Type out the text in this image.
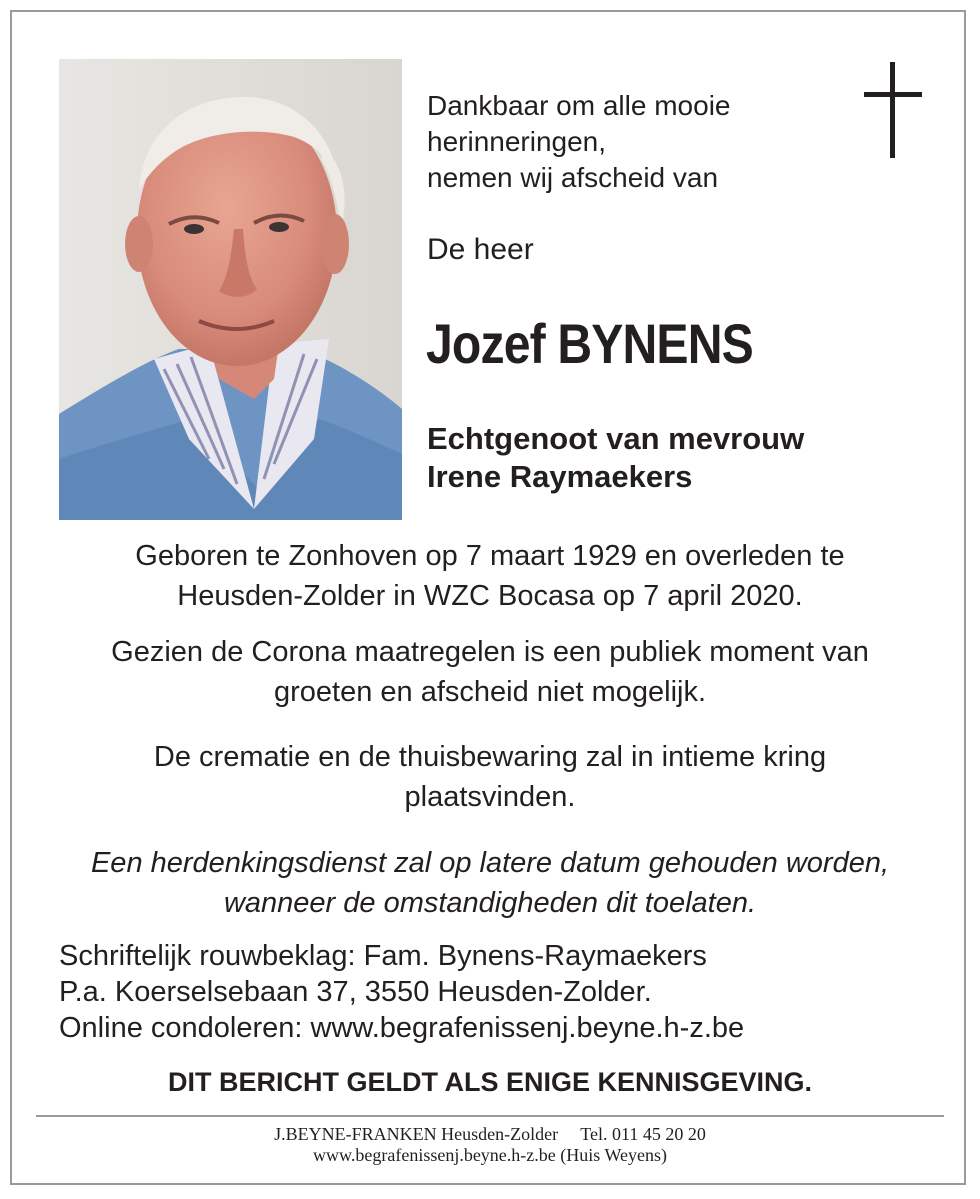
Dankbaar om alle mooie
herinneringen,
nemen wij afscheid van
De heer
Jozef BYNENS
Echtgenoot van mevrouw
Irene Raymaekers
Geboren te Zonhoven op 7 maart 1929 en overleden te
Heusden-Zolder in WZC Bocasa op 7 april 2020.
Gezien de Corona maatregelen is een publiek moment van
groeten en afscheid niet mogelijk.
De crematie en de thuisbewaring zal in intieme kring
plaatsvinden.
Een herdenkingsdienst zal op latere datum gehouden worden,
wanneer de omstandigheden dit toelaten.
Schriftelijk rouwbeklag: Fam. Bynens-Raymaekers
P.a. Koerselsebaan 37, 3550 Heusden-Zolder.
Online condoleren: www.begrafenissenj.beyne.h-z.be
DIT BERICHT GELDT ALS ENIGE KENNISGEVING.
J.BEYNE-FRANKEN Heusden-Zolder     Tel. 011 45 20 20
www.begrafenissenj.beyne.h-z.be (Huis Weyens)
